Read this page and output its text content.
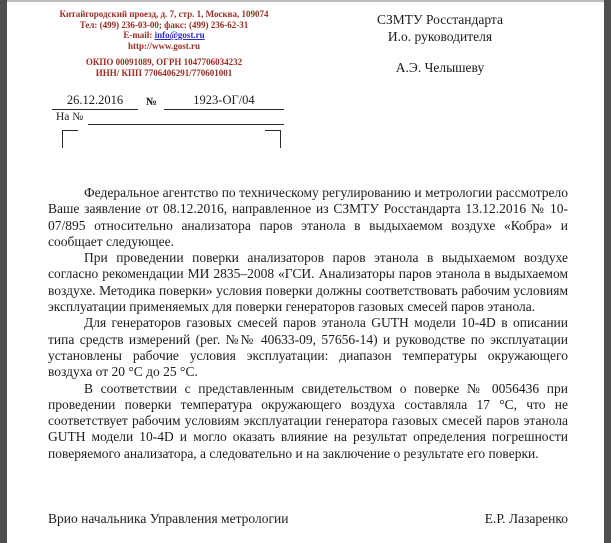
Китайгородский проезд, д. 7, стр. 1, Москва, 109074
Тел: (499) 236-03-00; факс: (499) 236-62-31
E-mail: info@gost.ru
http://www.gost.ru
ОКПО 00091089, ОГРН 1047706034232
ИНН/ КПП 7706406291/770601001
СЗМТУ Росстандарта
И.о. руководителя
А.Э. Челышеву
26.12.2016	№	1923-ОГ/04
На №

Федеральное агентство по техническому регулированию и метрологии рассмотрело Ваше заявление от 08.12.2016, направленное из СЗМТУ Росстандарта 13.12.2016 № 10-07/895 относительно анализатора паров этанола в выдыхаемом воздухе «Кобра» и сообщает следующее.

При проведении поверки анализаторов паров этанола в выдыхаемом воздухе согласно рекомендации МИ 2835–2008 «ГСИ. Анализаторы паров этанола в выдыхаемом воздухе. Методика поверки» условия поверки должны соответствовать рабочим условиям эксплуатации применяемых для поверки генераторов газовых смесей паров этанола.

Для генераторов газовых смесей паров этанола GUTH модели 10-4D в описании типа средств измерений (рег. №№ 40633-09, 57656-14) и руководстве по эксплуатации установлены рабочие условия эксплуатации: диапазон температуры окружающего воздуха от 20 °С до 25 °С.

В соответствии с представленным свидетельством о поверке № 0056436 при проведении поверки температура окружающего воздуха составляла 17 °С, что не соответствует рабочим условиям эксплуатации генератора газовых смесей паров этанола GUTH модели 10-4D и могло оказать влияние на результат определения погрешности поверяемого анализатора, а следовательно и на заключение о результате его поверки.

Врио начальника Управления метрологии	Е.Р. Лазаренко
